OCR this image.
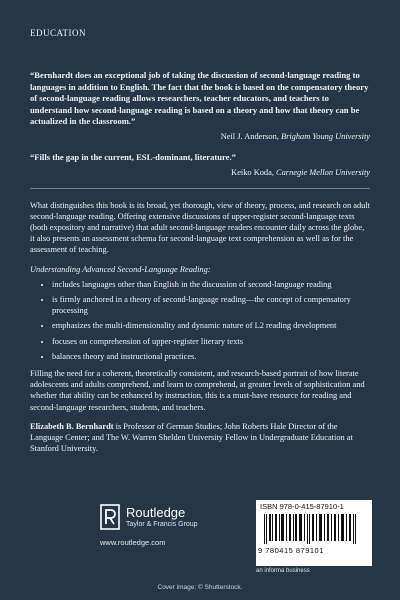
EDUCATION

“Bernhardt does an exceptional job of taking the discussion of second-language reading to languages in addition to English. The fact that the book is based on the compensatory theory of second-language reading allows researchers, teacher educators, and teachers to understand how second-language reading is based on a theory and how that theory can be actualized in the classroom.”

Neil J. Anderson, Brigham Young University

“Fills the gap in the current, ESL-dominant, literature.”

Keiko Koda, Carnegie Mellon University

What distinguishes this book is its broad, yet thorough, view of theory, process, and research on adult second-language reading. Offering extensive discussions of upper-register second-language texts (both expository and narrative) that adult second-language readers encounter daily across the globe, it also presents an assessment schema for second-language text comprehension as well as for the assessment of teaching.

Understanding Advanced Second-Language Reading:

• includes languages other than English in the discussion of second-language reading
• is firmly anchored in a theory of second-language reading—the concept of compensatory processing
• emphasizes the multi-dimensionality and dynamic nature of L2 reading development
• focuses on comprehension of upper-register literary texts
• balances theory and instructional practices.

Filling the need for a coherent, theoretically consistent, and research-based portrait of how literate adolescents and adults comprehend, and learn to comprehend, at greater levels of sophistication and whether that ability can be enhanced by instruction, this is a must-have resource for reading and second-language researchers, students, and teachers.

Elizabeth B. Bernhardt is Professor of German Studies; John Roberts Hale Director of the Language Center; and The W. Warren Shelden University Fellow in Undergraduate Education at Stanford University.

Routledge
Taylor & Francis Group
www.routledge.com
ISBN 978-0-415-87910-1
9 780415 879101
an informa business
Cover image: © Shutterstock.
